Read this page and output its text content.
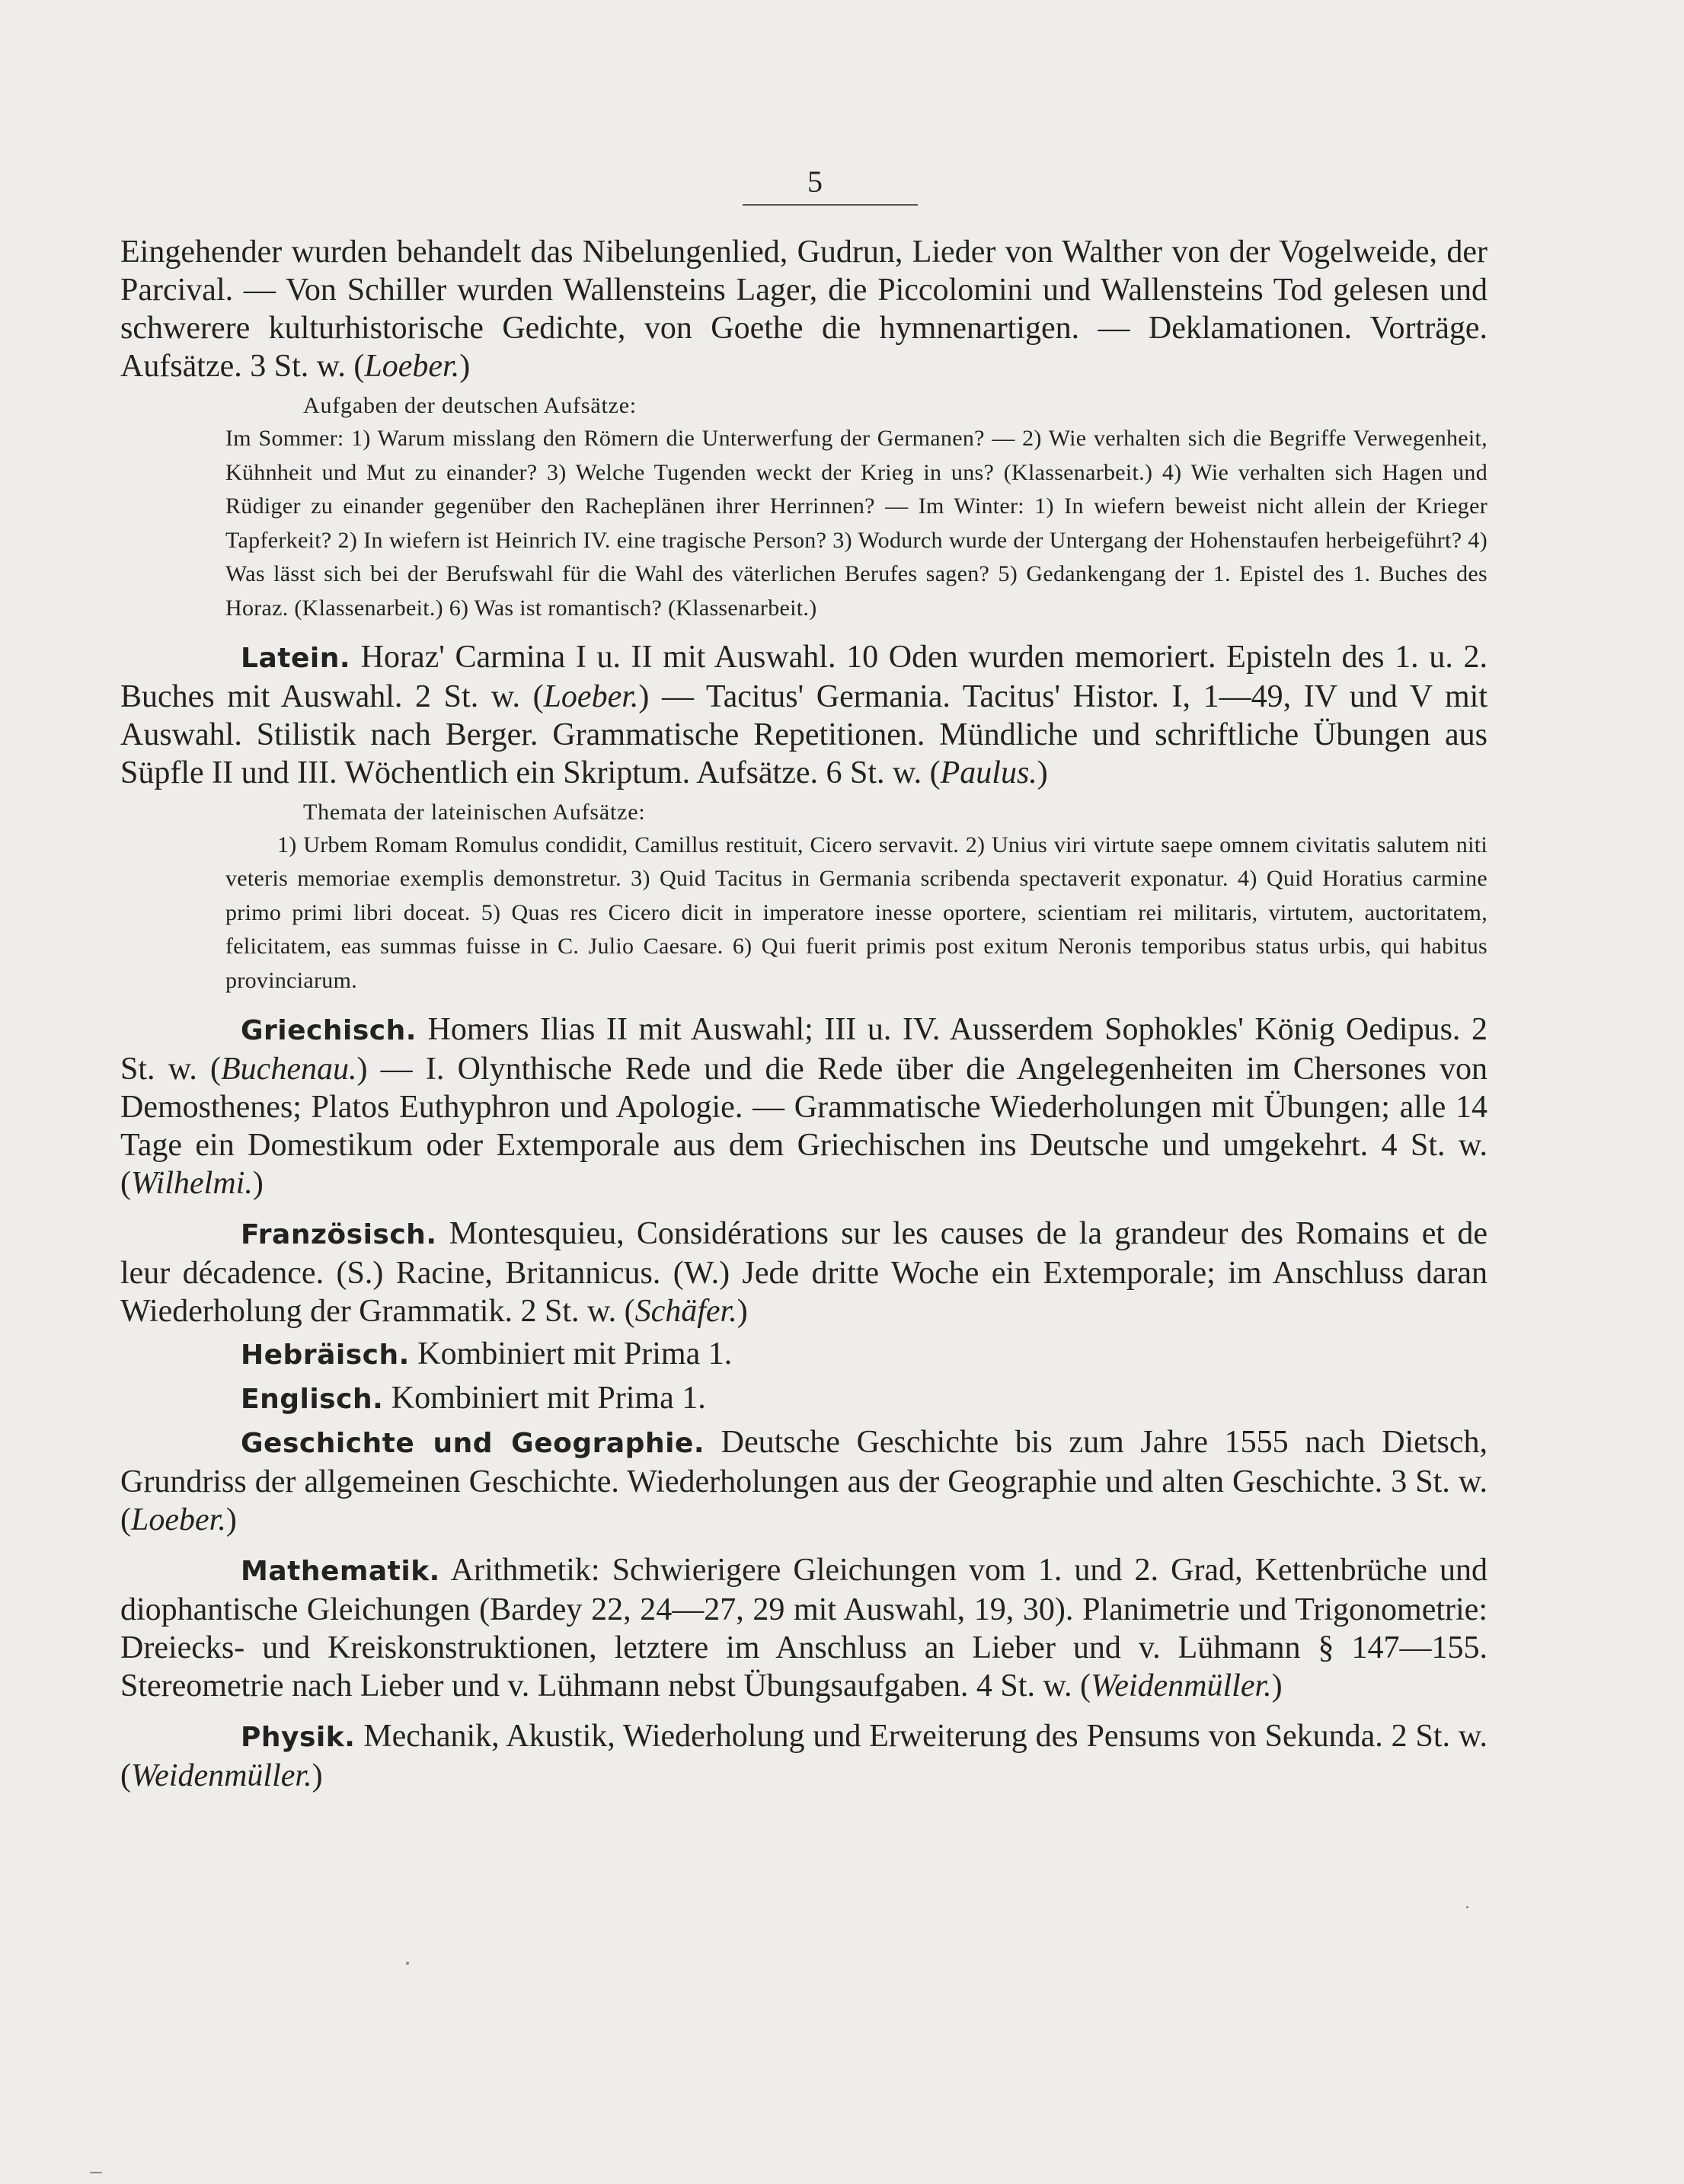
5

Eingehender wurden behandelt das Nibelungenlied, Gudrun, Lieder von Walther von der Vogelweide, der Parcival. — Von Schiller wurden Wallensteins Lager, die Piccolomini und Wallensteins Tod gelesen und schwerere kulturhistorische Gedichte, von Goethe die hymnenartigen. — Deklamationen. Vorträge. Aufsätze. 3 St. w. (Loeber.)

Aufgaben der deutschen Aufsätze:

Im Sommer: 1) Warum misslang den Römern die Unterwerfung der Germanen? — 2) Wie verhalten sich die Begriffe Verwegenheit, Kühnheit und Mut zu einander? 3) Welche Tugenden weckt der Krieg in uns? (Klassenarbeit.) 4) Wie verhalten sich Hagen und Rüdiger zu einander gegenüber den Racheplänen ihrer Herrinnen? — Im Winter: 1) In wiefern beweist nicht allein der Krieger Tapferkeit? 2) In wiefern ist Heinrich IV. eine tragische Person? 3) Wodurch wurde der Untergang der Hohenstaufen herbeigeführt? 4) Was lässt sich bei der Berufswahl für die Wahl des väterlichen Berufes sagen? 5) Gedankengang der 1. Epistel des 1. Buches des Horaz. (Klassenarbeit.) 6) Was ist romantisch? (Klassenarbeit.)

Latein. Horaz' Carmina I u. II mit Auswahl. 10 Oden wurden memoriert. Episteln des 1. u. 2. Buches mit Auswahl. 2 St. w. (Loeber.) — Tacitus' Germania. Tacitus' Histor. I, 1—49, IV und V mit Auswahl. Stilistik nach Berger. Grammatische Repetitionen. Mündliche und schriftliche Übungen aus Süpfle II und III. Wöchentlich ein Skriptum. Aufsätze. 6 St. w. (Paulus.)

Themata der lateinischen Aufsätze:

1) Urbem Romam Romulus condidit, Camillus restituit, Cicero servavit. 2) Unius viri virtute saepe omnem civitatis salutem niti veteris memoriae exemplis demonstretur. 3) Quid Tacitus in Germania scribenda spectaverit exponatur. 4) Quid Horatius carmine primo primi libri doceat. 5) Quas res Cicero dicit in imperatore inesse oportere, scientiam rei militaris, virtutem, auctoritatem, felicitatem, eas summas fuisse in C. Julio Caesare. 6) Qui fuerit primis post exitum Neronis temporibus status urbis, qui habitus provinciarum.

Griechisch. Homers Ilias II mit Auswahl; III u. IV. Ausserdem Sophokles' König Oedipus. 2 St. w. (Buchenau.) — I. Olynthische Rede und die Rede über die Angelegenheiten im Chersones von Demosthenes; Platos Euthyphron und Apologie. — Grammatische Wiederholungen mit Übungen; alle 14 Tage ein Domestikum oder Extemporale aus dem Griechischen ins Deutsche und umgekehrt. 4 St. w. (Wilhelmi.)

Französisch. Montesquieu, Considérations sur les causes de la grandeur des Romains et de leur décadence. (S.) Racine, Britannicus. (W.) Jede dritte Woche ein Extemporale; im Anschluss daran Wiederholung der Grammatik. 2 St. w. (Schäfer.)

Hebräisch. Kombiniert mit Prima 1.

Englisch. Kombiniert mit Prima 1.

Geschichte und Geographie. Deutsche Geschichte bis zum Jahre 1555 nach Dietsch, Grundriss der allgemeinen Geschichte. Wiederholungen aus der Geographie und alten Geschichte. 3 St. w. (Loeber.)

Mathematik. Arithmetik: Schwierigere Gleichungen vom 1. und 2. Grad, Kettenbrüche und diophantische Gleichungen (Bardey 22, 24—27, 29 mit Auswahl, 19, 30). Planimetrie und Trigonometrie: Dreiecks- und Kreiskonstruktionen, letztere im Anschluss an Lieber und v. Lühmann § 147—155. Stereometrie nach Lieber und v. Lühmann nebst Übungsaufgaben. 4 St. w. (Weidenmüller.)

Physik. Mechanik, Akustik, Wiederholung und Erweiterung des Pensums von Sekunda. 2 St. w. (Weidenmüller.)
